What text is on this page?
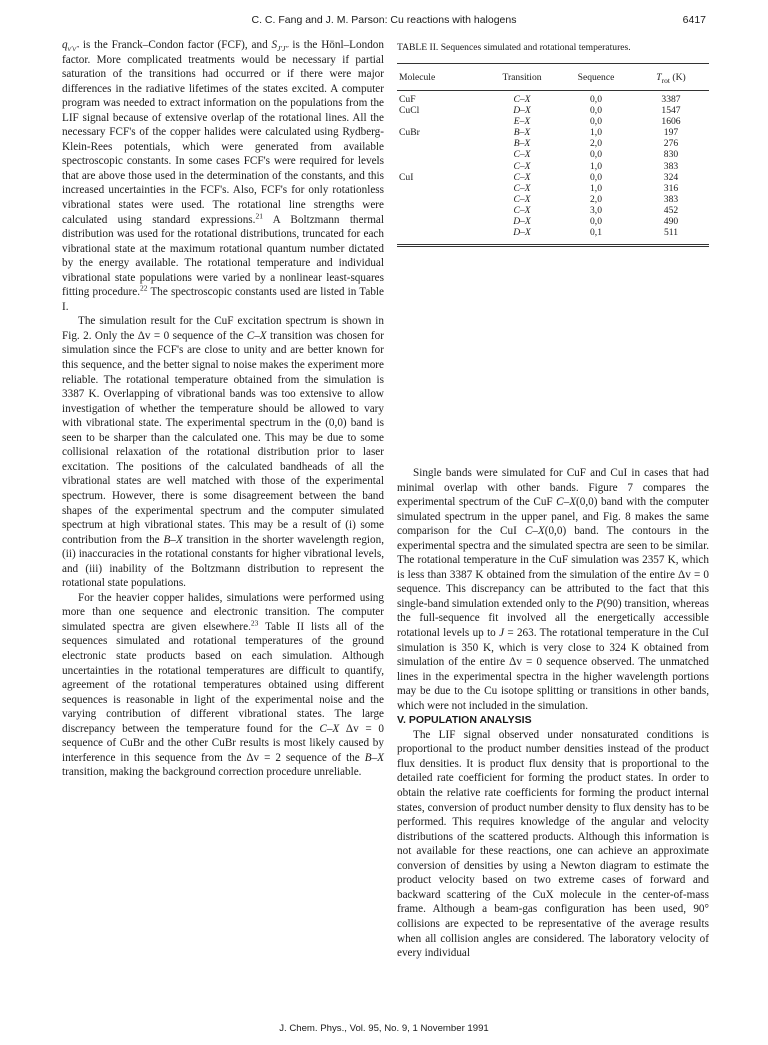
C. C. Fang and J. M. Parson: Cu reactions with halogens	6417

$q_{v'v''}$ is the Franck–Condon factor (FCF), and $S_{J'J''}$ is the Hönl–London factor. More complicated treatments would be necessary if partial saturation of the transitions had occurred or if there were major differences in the radiative lifetimes of the states excited. A computer program was needed to extract information on the populations from the LIF signal because of extensive overlap of the rotational lines. All the necessary FCF's of the copper halides were calculated using Rydberg-Klein-Rees potentials, which were generated from available spectroscopic constants. In some cases FCF's were required for levels that are above those used in the determination of the constants, and this increased uncertainties in the FCF's. Also, FCF's for only rotationless vibrational states were used. The rotational line strengths were calculated using standard expressions.$^{21}$ A Boltzmann thermal distribution was used for the rotational distributions, truncated for each vibrational state at the maximum rotational quantum number dictated by the energy available. The rotational temperature and individual vibrational state populations were varied by a nonlinear least-squares fitting procedure.$^{22}$ The spectroscopic constants used are listed in Table I.

The simulation result for the CuF excitation spectrum is shown in Fig. 2. Only the Δv = 0 sequence of the C–X transition was chosen for simulation since the FCF's are close to unity and are better known for this sequence, and the better signal to noise makes the experiment more reliable. The rotational temperature obtained from the simulation is 3387 K. Overlapping of vibrational bands was too extensive to allow investigation of whether the temperature should be allowed to vary with vibrational state. The experimental spectrum in the (0,0) band is seen to be sharper than the calculated one. This may be due to some collisional relaxation of the rotational distribution prior to laser excitation. The positions of the calculated bandheads of all the vibrational states are well matched with those of the experimental spectrum. However, there is some disagreement between the band shapes of the experimental spectrum and the computer simulated spectrum at high vibrational states. This may be a result of (i) some contribution from the B–X transition in the shorter wavelength region, (ii) inaccuracies in the rotational constants for higher vibrational levels, and (iii) inability of the Boltzmann distribution to represent the rotational state populations.

For the heavier copper halides, simulations were performed using more than one sequence and electronic transition. The computer simulated spectra are given elsewhere.$^{23}$ Table II lists all of the sequences simulated and rotational temperatures of the ground electronic state products based on each simulation. Although uncertainties in the rotational temperatures are difficult to quantify, agreement of the rotational temperatures obtained using different sequences is reasonable in light of the experimental noise and the varying contribution of different vibrational states. The large discrepancy between the temperature found for the C–X Δv = 0 sequence of CuBr and the other CuBr results is most likely caused by interference in this sequence from the Δv = 2 sequence of the B–X transition, making the background correction procedure unreliable.

TABLE II. Sequences simulated and rotational temperatures.
Molecule	Transition	Sequence	$T_{rot}$ (K)
CuF	C–X	0,0	3387
CuCl	D–X	0,0	1547
E–X	0,0	1606
CuBr	B–X	1,0	197
B–X	2,0	276
C–X	0,0	830
C–X	1,0	383
CuI	C–X	0,0	324
C–X	1,0	316
C–X	2,0	383
C–X	3,0	452
D–X	0,0	490
D–X	0,1	511

Single bands were simulated for CuF and CuI in cases that had minimal overlap with other bands. Figure 7 compares the experimental spectrum of the CuF C–X(0,0) band with the computer simulated spectrum in the upper panel, and Fig. 8 makes the same comparison for the CuI C–X(0,0) band. The contours in the experimental spectra and the simulated spectra are seen to be similar. The rotational temperature in the CuF simulation was 2357 K, which is less than 3387 K obtained from the simulation of the entire Δv = 0 sequence. This discrepancy can be attributed to the fact that this single-band simulation extended only to the P(90) transition, whereas the full-sequence fit involved all the energetically accessible rotational levels up to J = 263. The rotational temperature in the CuI simulation is 350 K, which is very close to 324 K obtained from simulation of the entire Δv = 0 sequence observed. The unmatched lines in the experimental spectra in the higher wavelength portions may be due to the Cu isotope splitting or transitions in other bands, which were not included in the simulation.

V. POPULATION ANALYSIS

The LIF signal observed under nonsaturated conditions is proportional to the product number densities instead of the product flux densities. It is product flux density that is proportional to the detailed rate coefficient for forming the product states. In order to obtain the relative rate coefficients for forming the product internal states, conversion of product number density to flux density has to be performed. This requires knowledge of the angular and velocity distributions of the scattered products. Although this information is not available for these reactions, one can achieve an approximate conversion of densities by using a Newton diagram to estimate the product velocity based on two extreme cases of forward and backward scattering of the CuX molecule in the center-of-mass frame. Although a beam-gas configuration has been used, 90° collisions are expected to be representative of the average results when all collision angles are considered. The laboratory velocity of every individual

J. Chem. Phys., Vol. 95, No. 9, 1 November 1991
